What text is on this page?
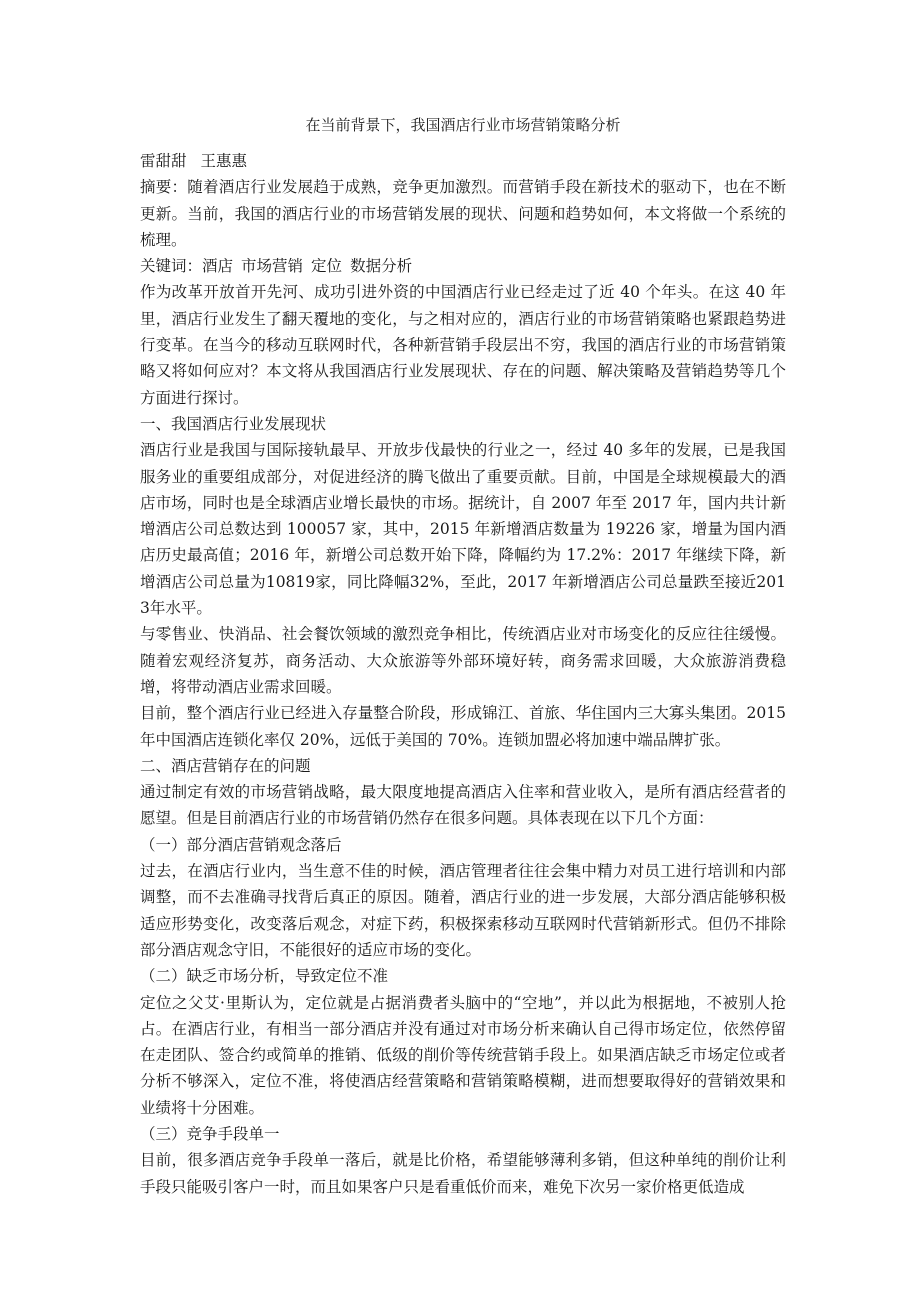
在当前背景下，我国酒店行业市场营销策略分析

雷甜甜 王惠惠

摘要：随着酒店行业发展趋于成熟，竞争更加激烈。而营销手段在新技术的驱动下，也在不断更新。当前，我国的酒店行业的市场营销发展的现状、问题和趋势如何，本文将做一个系统的梳理。

关键词：酒店 市场营销 定位 数据分析

作为改革开放首开先河、成功引进外资的中国酒店行业已经走过了近 40 个年头。在这 40 年里，酒店行业发生了翻天覆地的变化，与之相对应的，酒店行业的市场营销策略也紧跟趋势进行变革。在当今的移动互联网时代，各种新营销手段层出不穷，我国的酒店行业的市场营销策略又将如何应对？本文将从我国酒店行业发展现状、存在的问题、解决策略及营销趋势等几个方面进行探讨。

一、我国酒店行业发展现状

酒店行业是我国与国际接轨最早、开放步伐最快的行业之一，经过 40 多年的发展，已是我国服务业的重要组成部分，对促进经济的腾飞做出了重要贡献。目前，中国是全球规模最大的酒店市场，同时也是全球酒店业增长最快的市场。据统计，自 2007 年至 2017 年，国内共计新增酒店公司总数达到 100057 家，其中，2015 年新增酒店数量为 19226 家，增量为国内酒店历史最高值；2016 年，新增公司总数开始下降，降幅约为 17.2%：2017 年继续下降，新增酒店公司总量为10819家，同比降幅32%，至此，2017 年新增酒店公司总量跌至接近2013年水平。

与零售业、快消品、社会餐饮领域的激烈竞争相比，传统酒店业对市场变化的反应往往缓慢。随着宏观经济复苏，商务活动、大众旅游等外部环境好转，商务需求回暖，大众旅游消费稳增，将带动酒店业需求回暖。

目前，整个酒店行业已经进入存量整合阶段，形成锦江、首旅、华住国内三大寡头集团。2015年中国酒店连锁化率仅 20%，远低于美国的 70%。连锁加盟必将加速中端品牌扩张。

二、酒店营销存在的问题

通过制定有效的市场营销战略，最大限度地提高酒店入住率和营业收入，是所有酒店经营者的愿望。但是目前酒店行业的市场营销仍然存在很多问题。具体表现在以下几个方面：

（一）部分酒店营销观念落后

过去，在酒店行业内，当生意不佳的时候，酒店管理者往往会集中精力对员工进行培训和内部调整，而不去准确寻找背后真正的原因。随着，酒店行业的进一步发展，大部分酒店能够积极适应形势变化，改变落后观念，对症下药，积极探索移动互联网时代营销新形式。但仍不排除部分酒店观念守旧，不能很好的适应市场的变化。

（二）缺乏市场分析，导致定位不准

定位之父艾·里斯认为，定位就是占据消费者头脑中的“空地”，并以此为根据地，不被别人抢占。在酒店行业，有相当一部分酒店并没有通过对市场分析来确认自己得市场定位，依然停留在走团队、签合约或简单的推销、低级的削价等传统营销手段上。如果酒店缺乏市场定位或者分析不够深入，定位不准，将使酒店经营策略和营销策略模糊，进而想要取得好的营销效果和业绩将十分困难。

（三）竞争手段单一

目前，很多酒店竞争手段单一落后，就是比价格，希望能够薄利多销，但这种单纯的削价让利手段只能吸引客户一时，而且如果客户只是看重低价而来，难免下次另一家价格更低造成
